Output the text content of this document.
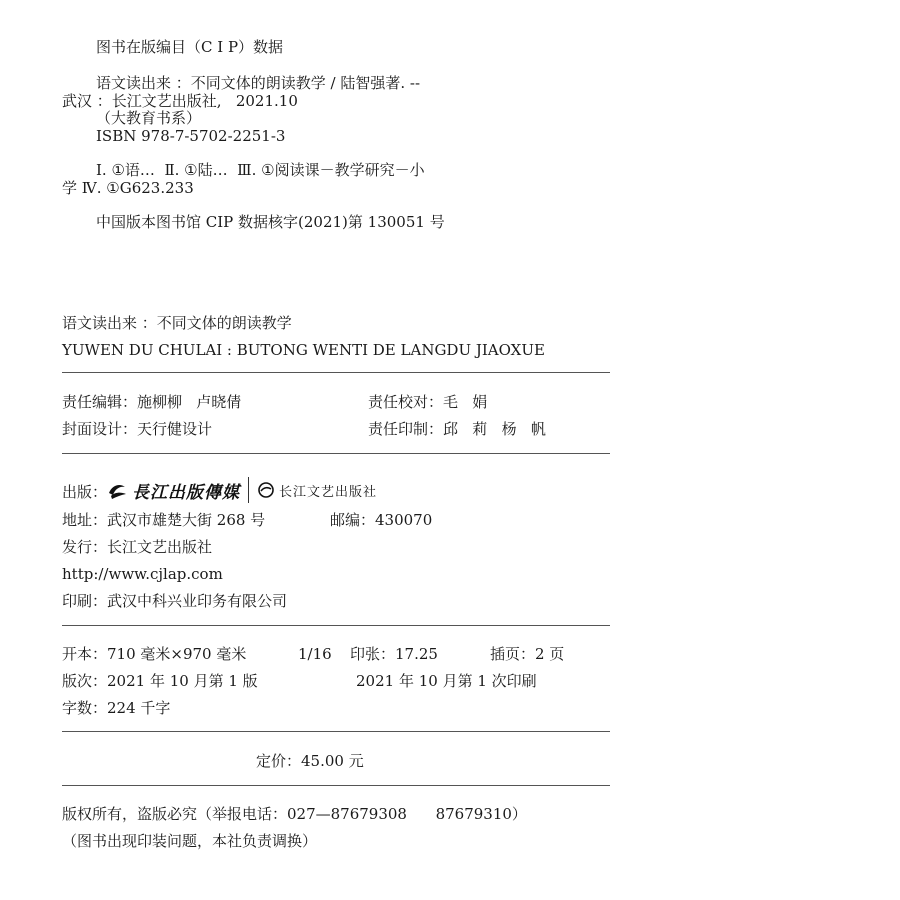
图书在版编目（C I P）数据
语文读出来 ：不同文体的朗读教学 / 陆智强著. --
武汉 ：长江文艺出版社,   2021.10
（大教育书系）
ISBN 978-7-5702-2251-3
Ⅰ. ①语…  Ⅱ. ①陆…  Ⅲ. ①阅读课－教学研究－小
学 Ⅳ. ①G623.233
中国版本图书馆 CIP 数据核字(2021)第 130051 号
语文读出来 ：不同文体的朗读教学
YUWEN DU CHULAI : BUTONG WENTI DE LANGDU JIAOXUE
责任编辑：施柳柳   卢晓倩	责任校对：毛   娟
封面设计：天行健设计	责任印制：邱   莉   杨   帆
出版： 長江出版傳媒	长江文艺出版社
地址：武汉市雄楚大街 268 号	邮编：430070
发行：长江文艺出版社
http://www.cjlap.com
印刷：武汉中科兴业印务有限公司
开本：710 毫米×970 毫米	1/16 印张：17.25	插页：2 页
版次：2021 年 10 月第 1 版	2021 年 10 月第 1 次印刷
字数：224 千字
定价：45.00 元
版权所有，盗版必究（举报电话：027—87679308      87679310）
（图书出现印装问题，本社负责调换）
